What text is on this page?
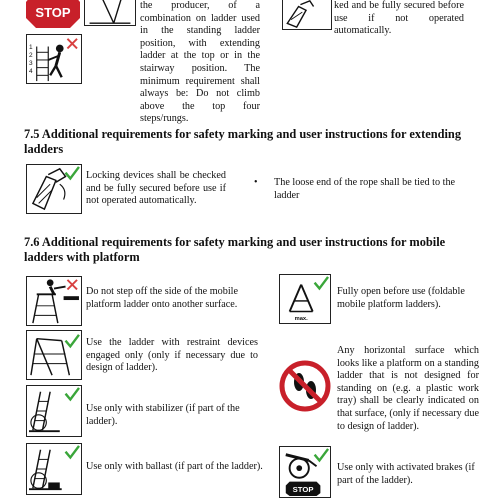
STOP
1
2
3
4
the producer, of a combination on ladder used in the standing ladder position, with extending ladder at the top or in the stairway position. The minimum requirement shall always be: Do not climb above the top four steps/rungs.
ked and be fully secured before use if not operated automatically.
7.5 Additional requirements for safety marking and user instructions for extending ladders
Locking devices shall be checked and be fully secured before use if not operated automatically.
• The loose end of the rope shall be tied to the ladder
7.6 Additional requirements for safety marking and user instructions for mobile ladders with platform
Do not step off the side of the mobile platform ladder onto another surface.
max.
Fully open before use (foldable mobile platform ladders).
Use the ladder with restraint devices engaged only (only if necessary due to design of ladder).
Any horizontal surface which looks like a platform on a standing ladder that is not designed for standing on (e.g. a plastic work tray) shall be clearly indicated on that surface, (only if necessary due to design of ladder).
Use only with stabilizer (if part of the ladder).
Use only with ballast (if part of the ladder).
STOP
Use only with activated brakes (if part of the ladder).
